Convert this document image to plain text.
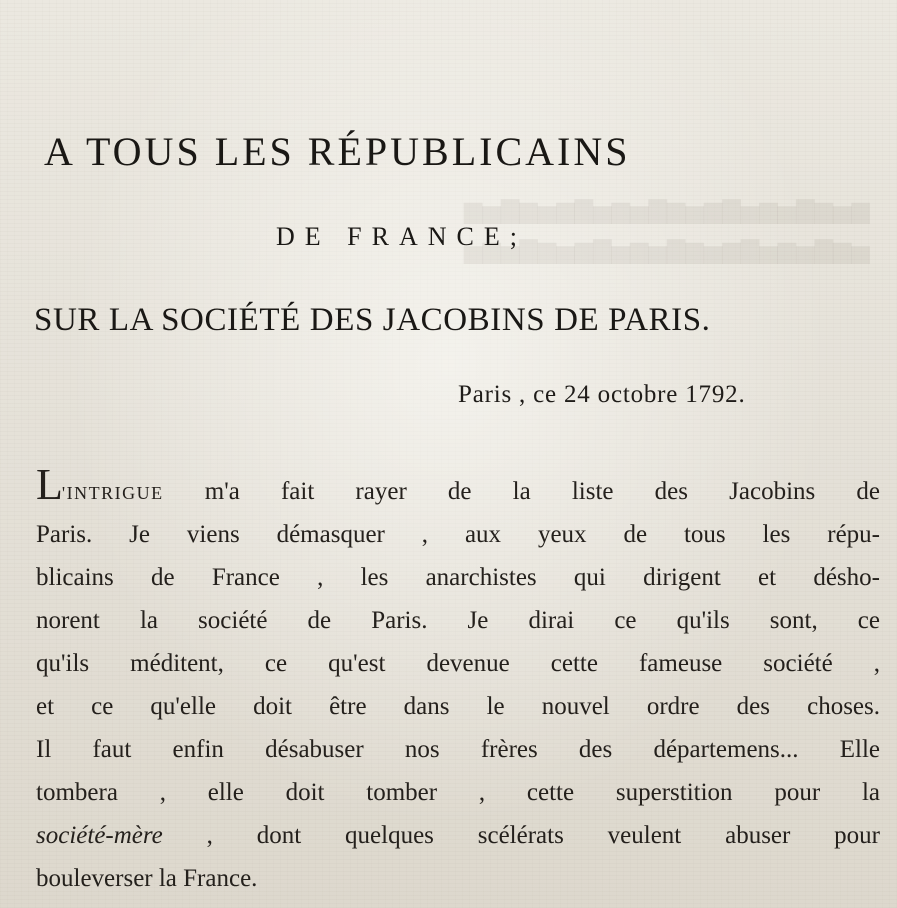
▆▅▆▇▅▆▅▇▆▅▆▇▅▆▅▇▆▅▆▇▅▆
▅▆▇▅▆▅▇▆▅▆▇▅▆▅▇▆▅▆▇▅▆▅
A TOUS LES RÉPUBLICAINS
DE FRANCE;
SUR LA SOCIÉTÉ DES JACOBINS DE PARIS.
Paris , ce 24 octobre 1792.
L'INTRIGUE m'a fait rayer de la liste des Jacobins de
Paris. Je viens démasquer , aux yeux de tous les répu-
blicains de France , les anarchistes qui dirigent et désho-
norent la société de Paris. Je dirai ce qu'ils sont, ce
qu'ils méditent, ce qu'est devenue cette fameuse société ,
et ce qu'elle doit être dans le nouvel ordre des choses.
Il faut enfin désabuser nos frères des départemens... Elle
tombera , elle doit tomber , cette superstition pour la
société-mère , dont quelques scélérats veulent abuser pour
bouleverser la France.
